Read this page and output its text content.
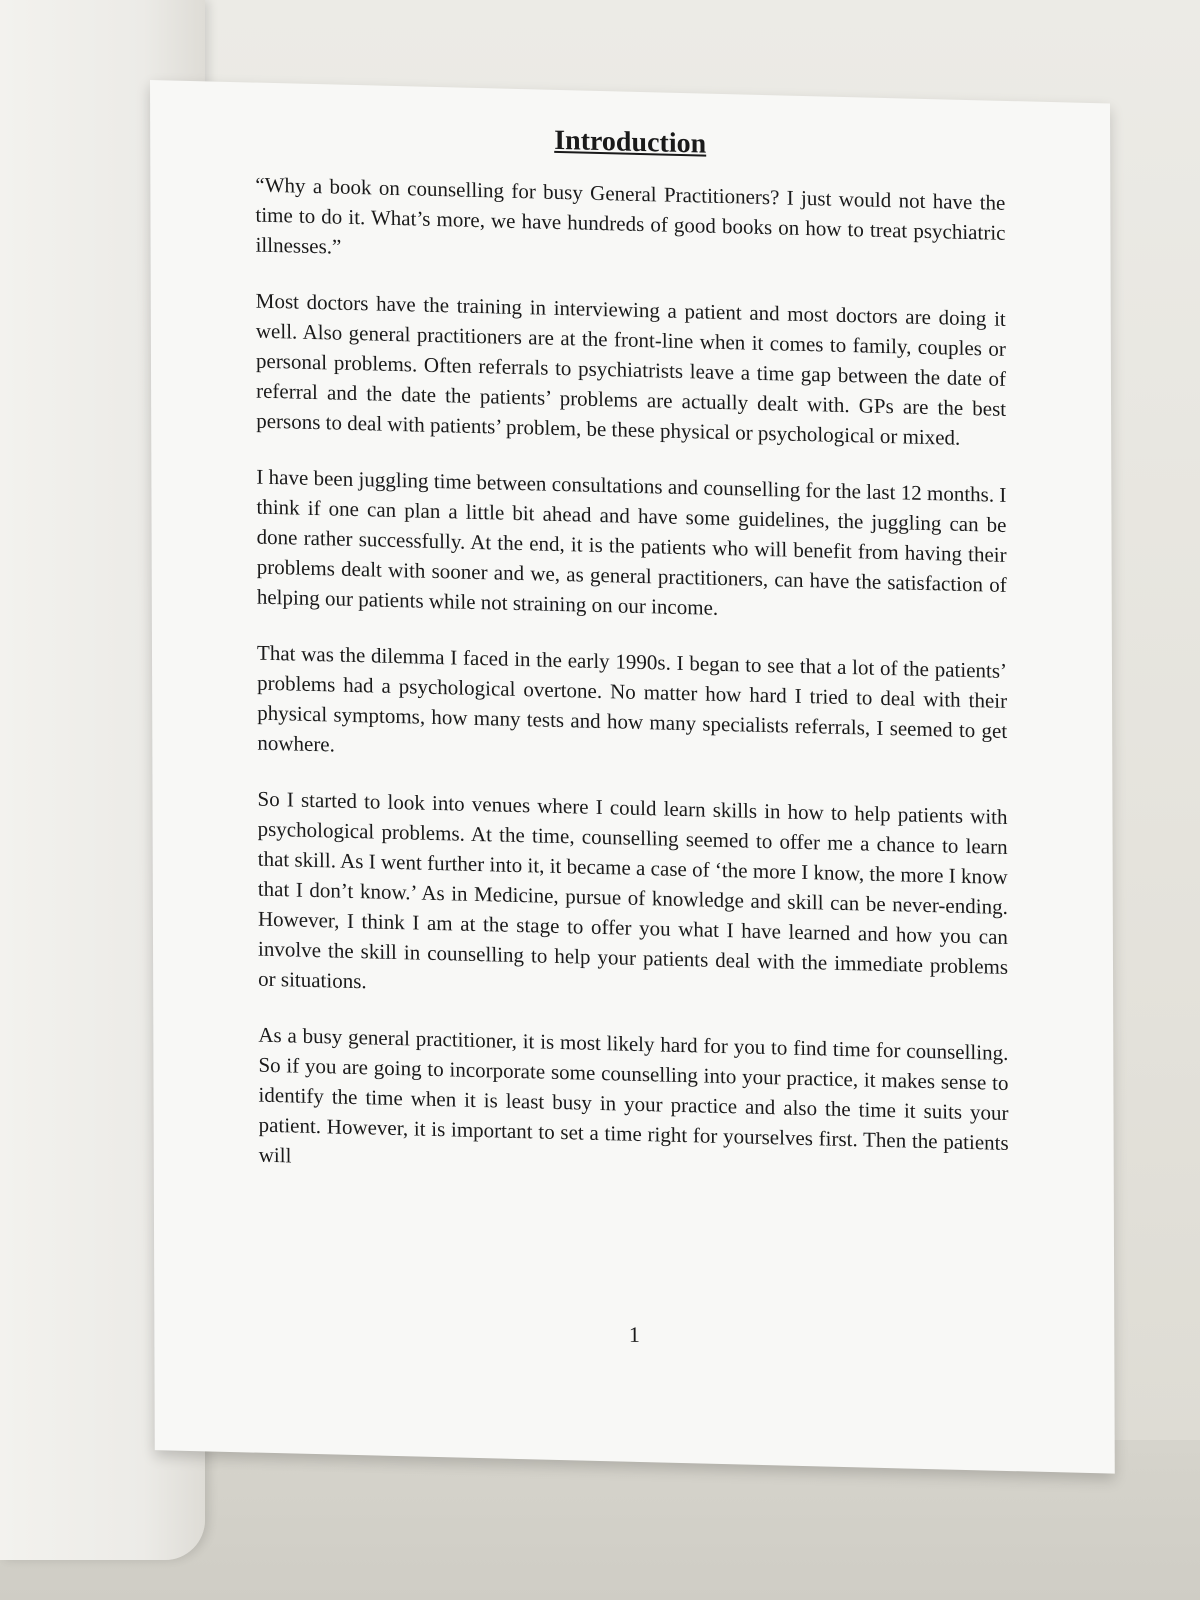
Introduction

“Why a book on counselling for busy General Practitioners? I just would not have the time to do it. What’s more, we have hundreds of good books on how to treat psychiatric illnesses.”

Most doctors have the training in interviewing a patient and most doctors are doing it well. Also general practitioners are at the front-line when it comes to family, couples or personal problems. Often referrals to psychiatrists leave a time gap between the date of referral and the date the patients’ problems are actually dealt with. GPs are the best persons to deal with patients’ problem, be these physical or psychological or mixed.

I have been juggling time between consultations and counselling for the last 12 months. I think if one can plan a little bit ahead and have some guidelines, the juggling can be done rather successfully. At the end, it is the patients who will benefit from having their problems dealt with sooner and we, as general practitioners, can have the satisfaction of helping our patients while not straining on our income.

That was the dilemma I faced in the early 1990s. I began to see that a lot of the patients’ problems had a psychological overtone. No matter how hard I tried to deal with their physical symptoms, how many tests and how many specialists referrals, I seemed to get nowhere.

So I started to look into venues where I could learn skills in how to help patients with psychological problems. At the time, counselling seemed to offer me a chance to learn that skill. As I went further into it, it became a case of ‘the more I know, the more I know that I don’t know.’ As in Medicine, pursue of knowledge and skill can be never-ending. However, I think I am at the stage to offer you what I have learned and how you can involve the skill in counselling to help your patients deal with the immediate problems or situations.

As a busy general practitioner, it is most likely hard for you to find time for counselling. So if you are going to incorporate some counselling into your practice, it makes sense to identify the time when it is least busy in your practice and also the time it suits your patient. However, it is important to set a time right for yourselves first. Then the patients will

1
